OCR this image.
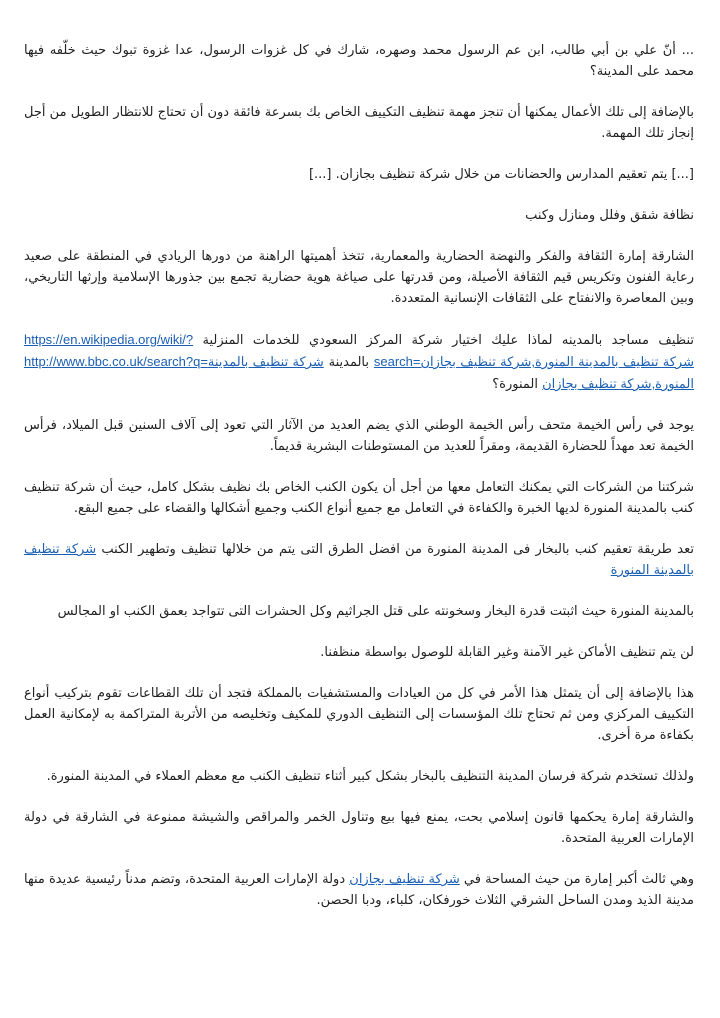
... أنّ علي بن أبي طالب، ابن عم الرسول محمد وصهره، شارك في كل غزوات الرسول، عدا غزوة تبوك حيث خلّفه فيها محمد على المدينة؟

بالإضافة إلى تلك الأعمال يمكنها أن تنجز مهمة تنظيف التكييف الخاص بك بسرعة فائقة دون أن تحتاج للانتظار الطويل من أجل إنجاز تلك المهمة.

[...] يتم تعقيم المدارس والحضانات من خلال شركة تنظيف بجازان. [...]

نظافة شقق وفلل ومنازل وكنب

الشارقة إمارة الثقافة والفكر والنهضة الحضارية والمعمارية، تتخذ أهميتها الراهنة من دورها الريادي في المنطقة على صعيد رعاية الفنون وتكريس قيم الثقافة الأصيلة، ومن قدرتها على صياغة هوية حضارية تجمع بين جذورها الإسلامية وإرثها التاريخي، وبين المعاصرة والانفتاح على الثقافات الإنسانية المتعددة.

تنظيف مساجد بالمدينه لماذا عليك اختيار شركة المركز السعودي للخدمات المنزلية https://en.wikipedia.org/wiki/?search=شركة تنظيف بالمدينة المنورة,شركة تنظيف بجازان بالمدينة http://www.bbc.co.uk/search?q=شركة تنظيف بالمدينة المنورة,شركة تنظيف بجازان المنورة؟

يوجد في رأس الخيمة متحف رأس الخيمة الوطني الذي يضم العديد من الآثار التي تعود إلى آلاف السنين قبل الميلاد، فرأس الخيمة تعد مهداً للحضارة القديمة، ومقراً للعديد من المستوطنات البشرية قديماً.

شركتنا من الشركات التي يمكنك التعامل معها من أجل أن يكون الكنب الخاص بك نظيف بشكل كامل، حيث أن شركة تنظيف كنب بالمدينة المنورة لديها الخبرة والكفاءة في التعامل مع جميع أنواع الكنب وجميع أشكالها والقضاء على جميع البقع.

تعد طريقة تعقيم كنب بالبخار فى المدينة المنورة من افضل الطرق التى يتم من خلالها تنظيف وتطهير الكنب شركة تنظيف بالمدينة المنورة

بالمدينة المنورة حيث اثبتت قدرة البخار وسخونته على قتل الجراثيم وكل الحشرات التى تتواجد بعمق الكنب او المجالس

لن يتم تنظيف الأماكن غير الآمنة وغير القابلة للوصول بواسطة منظفنا.

هذا بالإضافة إلى أن يتمثل هذا الأمر في كل من العيادات والمستشفيات بالمملكة فتجد أن تلك القطاعات تقوم بتركيب أنواع التكييف المركزي ومن ثم تحتاج تلك المؤسسات إلى التنظيف الدوري للمكيف وتخليصه من الأتربة المتراكمة به لإمكانية العمل بكفاءة مرة أخرى.

ولذلك تستخدم شركة فرسان المدينة التنظيف بالبخار بشكل كبير أثناء تنظيف الكنب مع معظم العملاء في المدينة المنورة.

والشارقة إمارة يحكمها قانون إسلامي بحت، يمنع فيها بيع وتناول الخمر والمراقص والشيشة ممنوعة في الشارقة في دولة الإمارات العربية المتحدة.

وهي ثالث أكبر إمارة من حيث المساحة في شركة تنظيف بجازان دولة الإمارات العربية المتحدة، وتضم مدناً رئيسية عديدة منها مدينة الذيد ومدن الساحل الشرقي الثلاث خورفكان، كلباء، ودبا الحصن.
